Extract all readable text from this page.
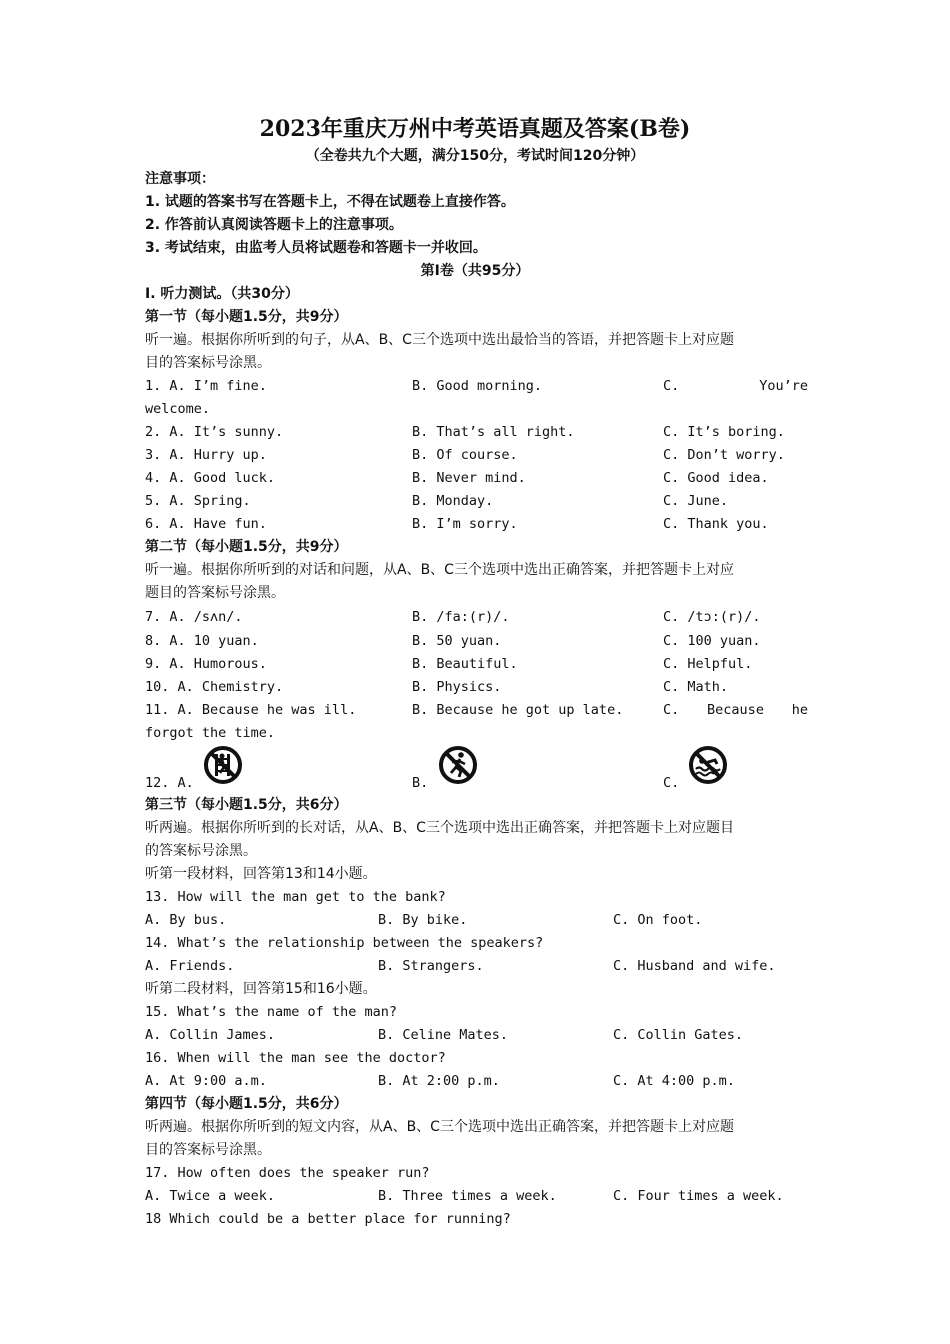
2023年重庆万州中考英语真题及答案(B卷)
（全卷共九个大题，满分150分，考试时间120分钟）
注意事项：
1. 试题的答案书写在答题卡上，不得在试题卷上直接作答。
2. 作答前认真阅读答题卡上的注意事项。
3. 考试结束，由监考人员将试题卷和答题卡一并收回。
第Ⅰ卷（共95分）
Ⅰ. 听力测试。（共30分）
第一节（每小题1.5分，共9分）
听一遍。根据你所听到的句子，从A、B、C三个选项中选出最恰当的答语，并把答题卡上对应题
目的答案标号涂黑。
1. A. I’m fine.	B. Good morning.	C.	You’re
welcome.
2. A. It’s sunny.	B. That’s all right.	C. It’s boring.
3. A. Hurry up.	B. Of course.	C. Don’t worry.
4. A. Good luck.	B. Never mind.	C. Good idea.
5. A. Spring.	B. Monday.	C. June.
6. A. Have fun.	B. I’m sorry.	C. Thank you.
第二节（每小题1.5分，共9分）
听一遍。根据你所听到的对话和问题，从A、B、C三个选项中选出正确答案，并把答题卡上对应
题目的答案标号涂黑。
7. A. /sʌn/.	B. /fa:(r)/.	C. /tɔ:(r)/.
8. A. 10 yuan.	B. 50 yuan.	C. 100 yuan.
9. A. Humorous.	B. Beautiful.	C. Helpful.
10. A. Chemistry.	B. Physics.	C. Math.
11. A. Because he was ill.	B. Because he got up late.	C. Because he
forgot the time.
12. A.	B.	C.
第三节（每小题1.5分，共6分）
听两遍。根据你所听到的长对话，从A、B、C三个选项中选出正确答案，并把答题卡上对应题目
的答案标号涂黑。
听第一段材料，回答第13和14小题。
13. How will the man get to the bank?
A. By bus.	B. By bike.	C. On foot.
14. What’s the relationship between the speakers?
A. Friends.	B. Strangers.	C. Husband and wife.
听第二段材料，回答第15和16小题。
15. What’s the name of the man?
A. Collin James.	B. Celine Mates.	C. Collin Gates.
16. When will the man see the doctor?
A. At 9:00 a.m.	B. At 2:00 p.m.	C. At 4:00 p.m.
第四节（每小题1.5分，共6分）
听两遍。根据你所听到的短文内容，从A、B、C三个选项中选出正确答案，并把答题卡上对应题
目的答案标号涂黑。
17. How often does the speaker run?
A. Twice a week.	B. Three times a week.	C. Four times a week.
18 Which could be a better place for running?
